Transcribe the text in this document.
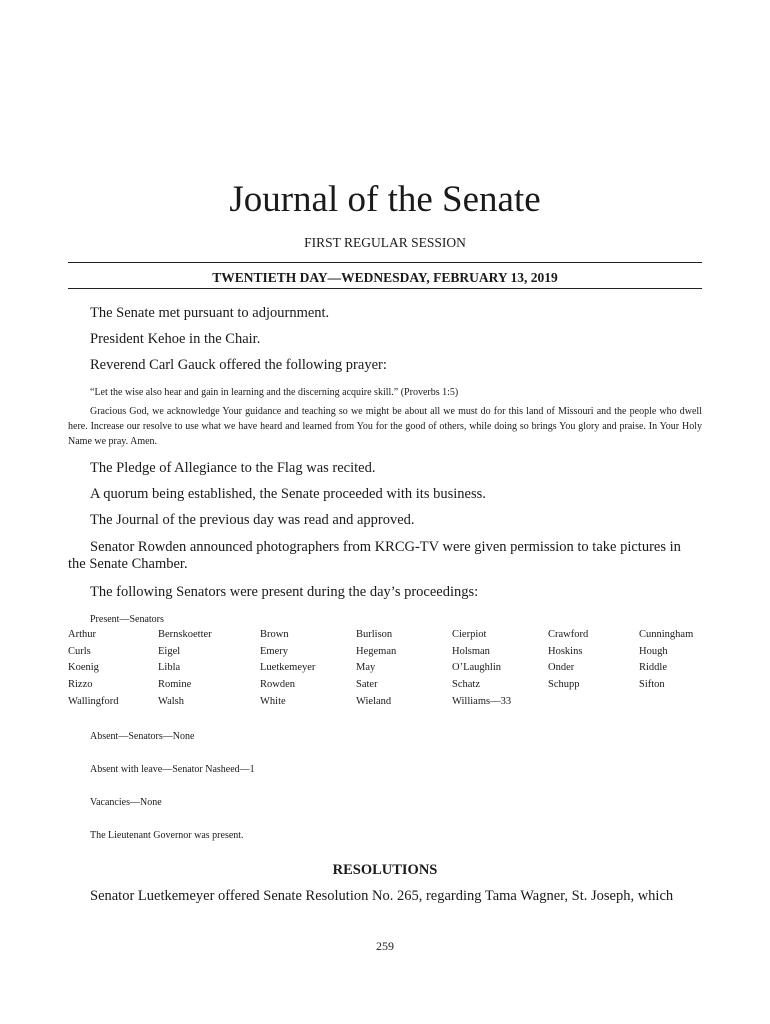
Journal of the Senate
FIRST REGULAR SESSION
TWENTIETH DAY—WEDNESDAY, FEBRUARY 13, 2019

The Senate met pursuant to adjournment.

President Kehoe in the Chair.

Reverend Carl Gauck offered the following prayer:

“Let the wise also hear and gain in learning and the discerning acquire skill.” (Proverbs 1:5)

Gracious God, we acknowledge Your guidance and teaching so we might be about all we must do for this land of Missouri and the people who dwell here. Increase our resolve to use what we have heard and learned from You for the good of others, while doing so brings You glory and praise. In Your Holy Name we pray. Amen.

The Pledge of Allegiance to the Flag was recited.

A quorum being established, the Senate proceeded with its business.

The Journal of the previous day was read and approved.

Senator Rowden announced photographers from KRCG-TV were given permission to take pictures in the Senate Chamber.

The following Senators were present during the day’s proceedings:

Present—Senators

Arthur	Bernskoetter	Brown	Burlison	Cierpiot	Crawford	Cunningham
Curls	Eigel	Emery	Hegeman	Holsman	Hoskins	Hough
Koenig	Libla	Luetkemeyer	May	O’Laughlin	Onder	Riddle
Rizzo	Romine	Rowden	Sater	Schatz	Schupp	Sifton
Wallingford	Walsh	White	Wieland	Williams—33		

Absent—Senators—None

Absent with leave—Senator Nasheed—1

Vacancies—None

The Lieutenant Governor was present.

RESOLUTIONS

Senator Luetkemeyer offered Senate Resolution No. 265, regarding Tama Wagner, St. Joseph, which

259
